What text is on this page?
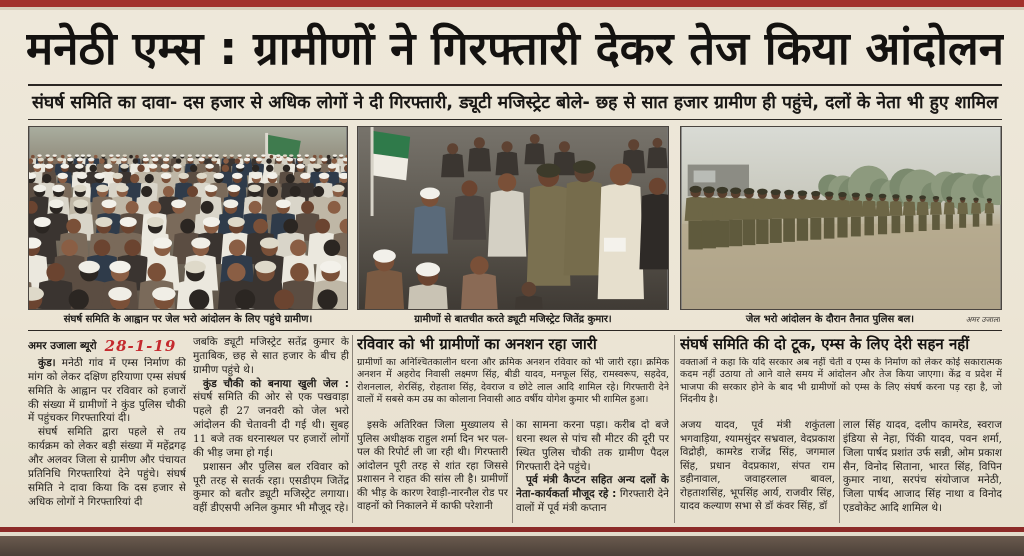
मनेठी एम्स : ग्रामीणों ने गिरफ्तारी देकर तेज किया आंदोलन
संघर्ष समिति का दावा- दस हजार से अधिक लोगों ने दी गिरफ्तारी, ड्यूटी मजिस्ट्रेट बोले- छह से सात हजार ग्रामीण ही पहुंचे, दलों के नेता भी हुए शामिल
संघर्ष समिति के आह्वान पर जेल भरो आंदोलन के लिए पहुंचे ग्रामीण।	ग्रामीणों से बातचीत करते ड्यूटी मजिस्ट्रेट जितेंद्र कुमार।	जेल भरो आंदोलन के दौरान तैनात पुलिस बल।	अमर उजाला
अमर उजाला ब्यूरो 28-1-19

कुंड। मनेठी गांव में एम्स निर्माण की मांग को लेकर दक्षिण हरियाणा एम्स संघर्ष समिति के आह्वान पर रविवार को हजारों की संख्या में ग्रामीणों ने कुंड पुलिस चौकी में पहुंचकर गिरफ्तारियां दी।

संघर्ष समिति द्वारा पहले से तय कार्यक्रम को लेकर बड़ी संख्या में महेंद्रगढ़ और अलवर जिला से ग्रामीण और पंचायत प्रतिनिधि गिरफ्तारियां देने पहुंचे। संघर्ष समिति ने दावा किया कि दस हजार से अधिक लोगों ने गिरफ्तारियां दी

जबकि ड्यूटी मजिस्ट्रेट सतेंद्र कुमार के मुताबिक, छह से सात हजार के बीच ही ग्रामीण पहुंचे थे।

कुंड चौकी को बनाया खुली जेल : संघर्ष समिति की ओर से एक पखवाड़ा पहले ही 27 जनवरी को जेल भरो आंदोलन की चेतावनी दी गई थी। सुबह 11 बजे तक धरनास्थल पर हजारों लोगों की भीड़ जमा हो गई।

प्रशासन और पुलिस बल रविवार को पूरी तरह से सतर्क रहा। एसडीएम जितेंद्र कुमार को बतौर ड्यूटी मजिस्ट्रेट लगाया। वहीं डीएसपी अनिल कुमार भी मौजूद रहे।

रविवार को भी ग्रामीणों का अनशन रहा जारी

ग्रामीणों का अनिश्चितकालीन धरना और क्रमिक अनशन रविवार को भी जारी रहा। क्रमिक अनशन में अहरोद निवासी लक्ष्मण सिंह, बीडी यादव, मनफूल सिंह, रामस्वरूप, सहदेव, रोशनलाल, शेरसिंह, रोहताश सिंह, देवराज व छोटे लाल आदि शामिल रहे। गिरफ्तारी देने वालों में सबसे कम उम्र का कोलाना निवासी आठ वर्षीय योगेश कुमार भी शामिल हुआ।

इसके अतिरिक्त जिला मुख्यालय से पुलिस अधीक्षक राहुल शर्मा दिन भर पल-पल की रिपोर्ट ली जा रही थी। गिरफ्तारी आंदोलन पूरी तरह से शांत रहा जिससे प्रशासन ने राहत की सांस ली है। ग्रामीणों की भीड़ के कारण रेवाड़ी-नारनौल रोड पर वाहनों को निकालने में काफी परेशानी

का सामना करना पड़ा। करीब दो बजे धरना स्थल से पांच सौ मीटर की दूरी पर स्थित पुलिस चौकी तक ग्रामीण पैदल गिरफ्तारी देने पहुंचे।

पूर्व मंत्री कैप्टन सहित अन्य दलों के नेता-कार्यकर्ता मौजूद रहे : गिरफ्तारी देने वालों में पूर्व मंत्री कप्तान

संघर्ष समिति की दो टूक, एम्स के लिए देरी सहन नहीं

वक्ताओं ने कहा कि यदि सरकार अब नहीं चेती व एम्स के निर्माण को लेकर कोई सकारात्मक कदम नहीं उठाया तो आने वाले समय में आंदोलन और तेज किया जाएगा। केंद्र व प्रदेश में भाजपा की सरकार होने के बाद भी ग्रामीणों को एम्स के लिए संघर्ष करना पड़ रहा है, जो निंदनीय है।

अजय यादव, पूर्व मंत्री शकुंतला भगवाड़िया, श्यामसुंदर सभ्रवाल, वेदप्रकाश विद्रोही, कामरेड राजेंद्र सिंह, जगमाल सिंह, प्रधान वेदप्रकाश, संपत राम डहीनावाल, जवाहरलाल बावल, रोहताशसिंह, भूपसिंह आर्य, राजवीर सिंह, यादव कल्याण सभा से डॉ कंवर सिंह, डॉ

लाल सिंह यादव, दलीप कामरेड, स्वराज इंडिया से नेहा, पिंकी यादव, पवन शर्मा, जिला पार्षद प्रशांत उर्फ सन्नी, ओम प्रकाश सैन, विनोद सिताना, भारत सिंह, विपिन कुमार नाथा, सरपंच संयोजाज मनेठी, जिला पार्षद आजाद सिंह नाथा व विनोद एडवोकेट आदि शामिल थे।
